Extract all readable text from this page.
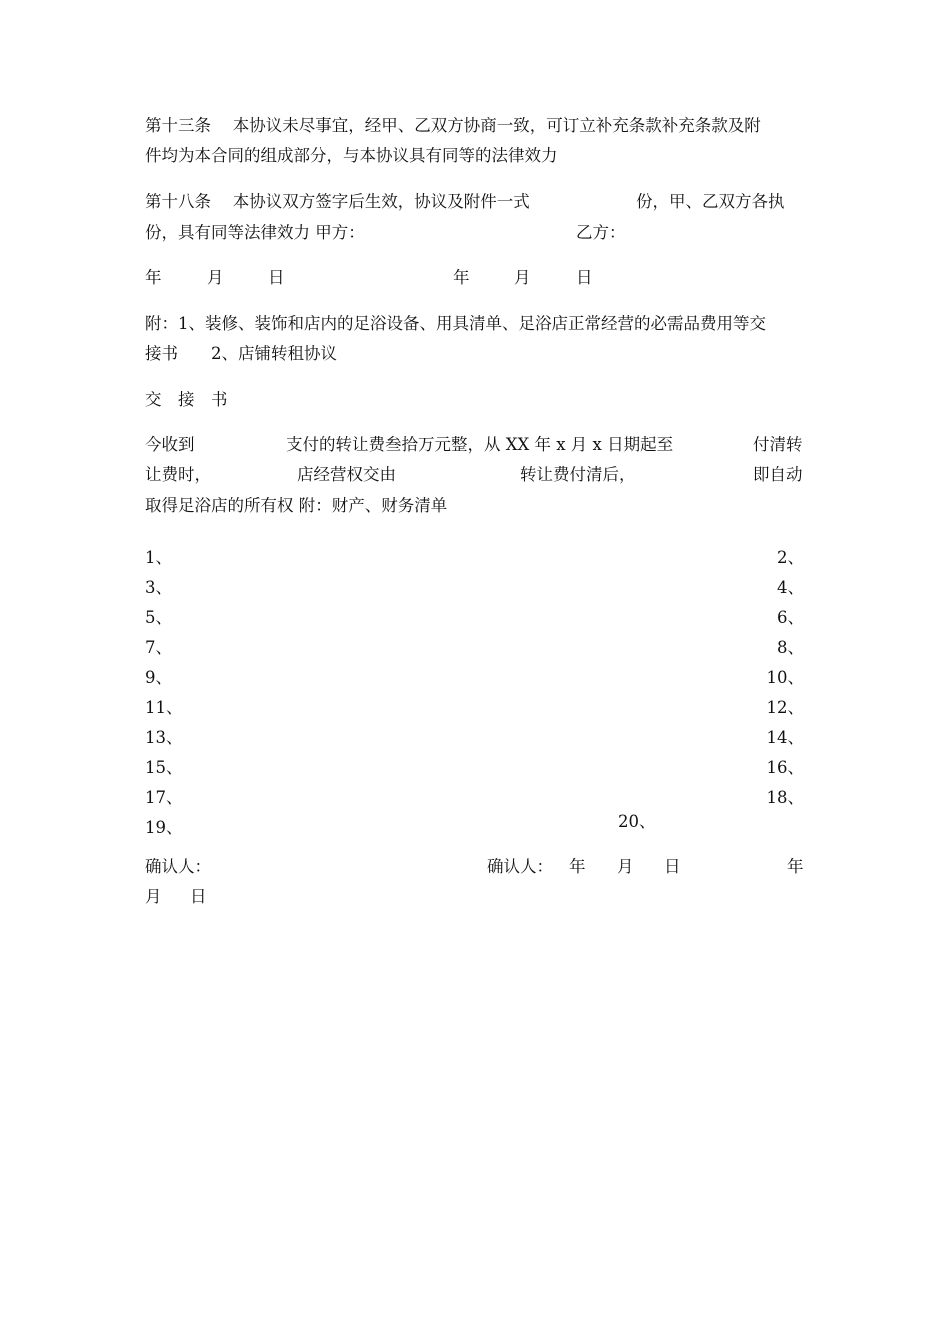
第十三条　 本协议未尽事宜，经甲、乙双方协商一致，可订立补充条款补充条款及附
件均为本合同的组成部分，与本协议具有同等的法律效力
第十八条　 本协议双方签字后生效，协议及附件一式	份，甲、乙双方各执
份，具有同等法律效力 甲方：	乙方：
年	月	日	年	月	日
附：1、装修、装饰和店内的足浴设备、用具清单、足浴店正常经营的必需品费用等交
接书　　2、店铺转租协议
交　接　书
今收到	支付的转让费叁拾万元整，从 XX 年 x 月 x 日期起至	付清转
让费时，	店经营权交由	转让费付清后，	即自动
取得足浴店的所有权 附：财产、财务清单
1、	2、
3、	4、
5、	6、
7、	8、
9、	10、
11、	12、
13、	14、
15、	16、
17、	18、
19、	20、
确认人：	确认人： 年 月 日	年
月 日
